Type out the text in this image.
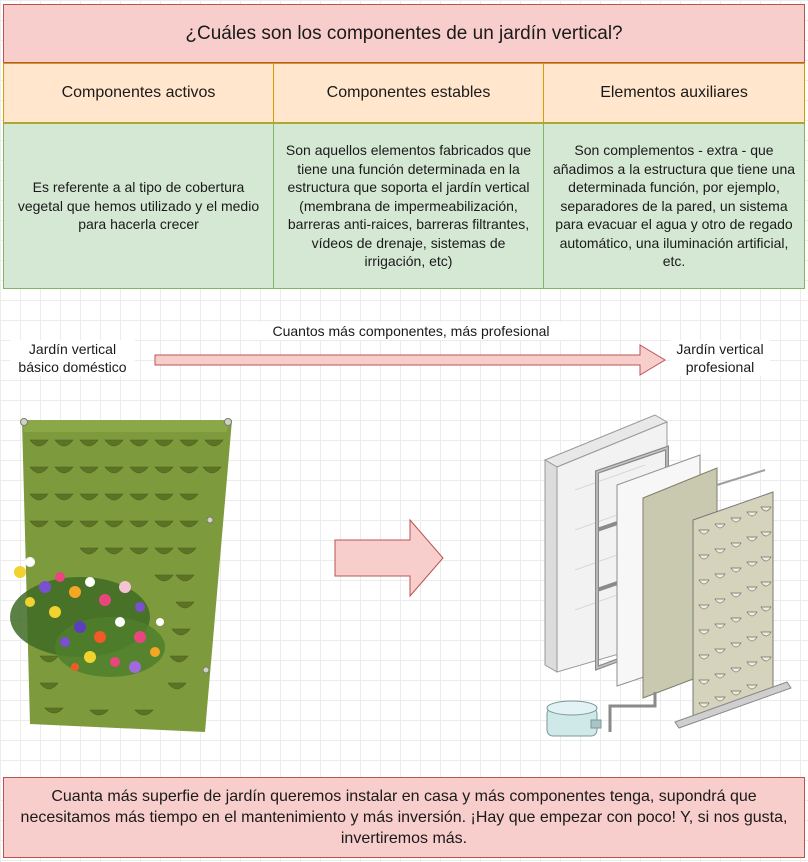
¿Cuáles son los componentes de un jardín vertical?
Componentes activos	Componentes estables	Elementos auxiliares
Es referente a al tipo de cobertura vegetal que hemos utilizado y el medio para hacerla crecer
Son aquellos elementos fabricados que tiene una función determinada en la estructura que soporta el jardín vertical (membrana de impermeabilización, barreras anti-raices, barreras filtrantes, vídeos de drenaje, sistemas de irrigación, etc)
Son complementos - extra - que añadimos a la estructura que tiene una determinada función, por ejemplo, separadores de la pared, un sistema para evacuar el agua y otro de regado automático, una iluminación artificial, etc.
Cuantos más componentes, más profesional
Jardín vertical básico doméstico
Jardín vertical profesional
Cuanta más superfie de jardín queremos instalar en casa y más componentes tenga, supondrá que necesitamos más tiempo en el mantenimiento y más inversión. ¡Hay que empezar con poco! Y, si nos gusta, invertiremos más.
